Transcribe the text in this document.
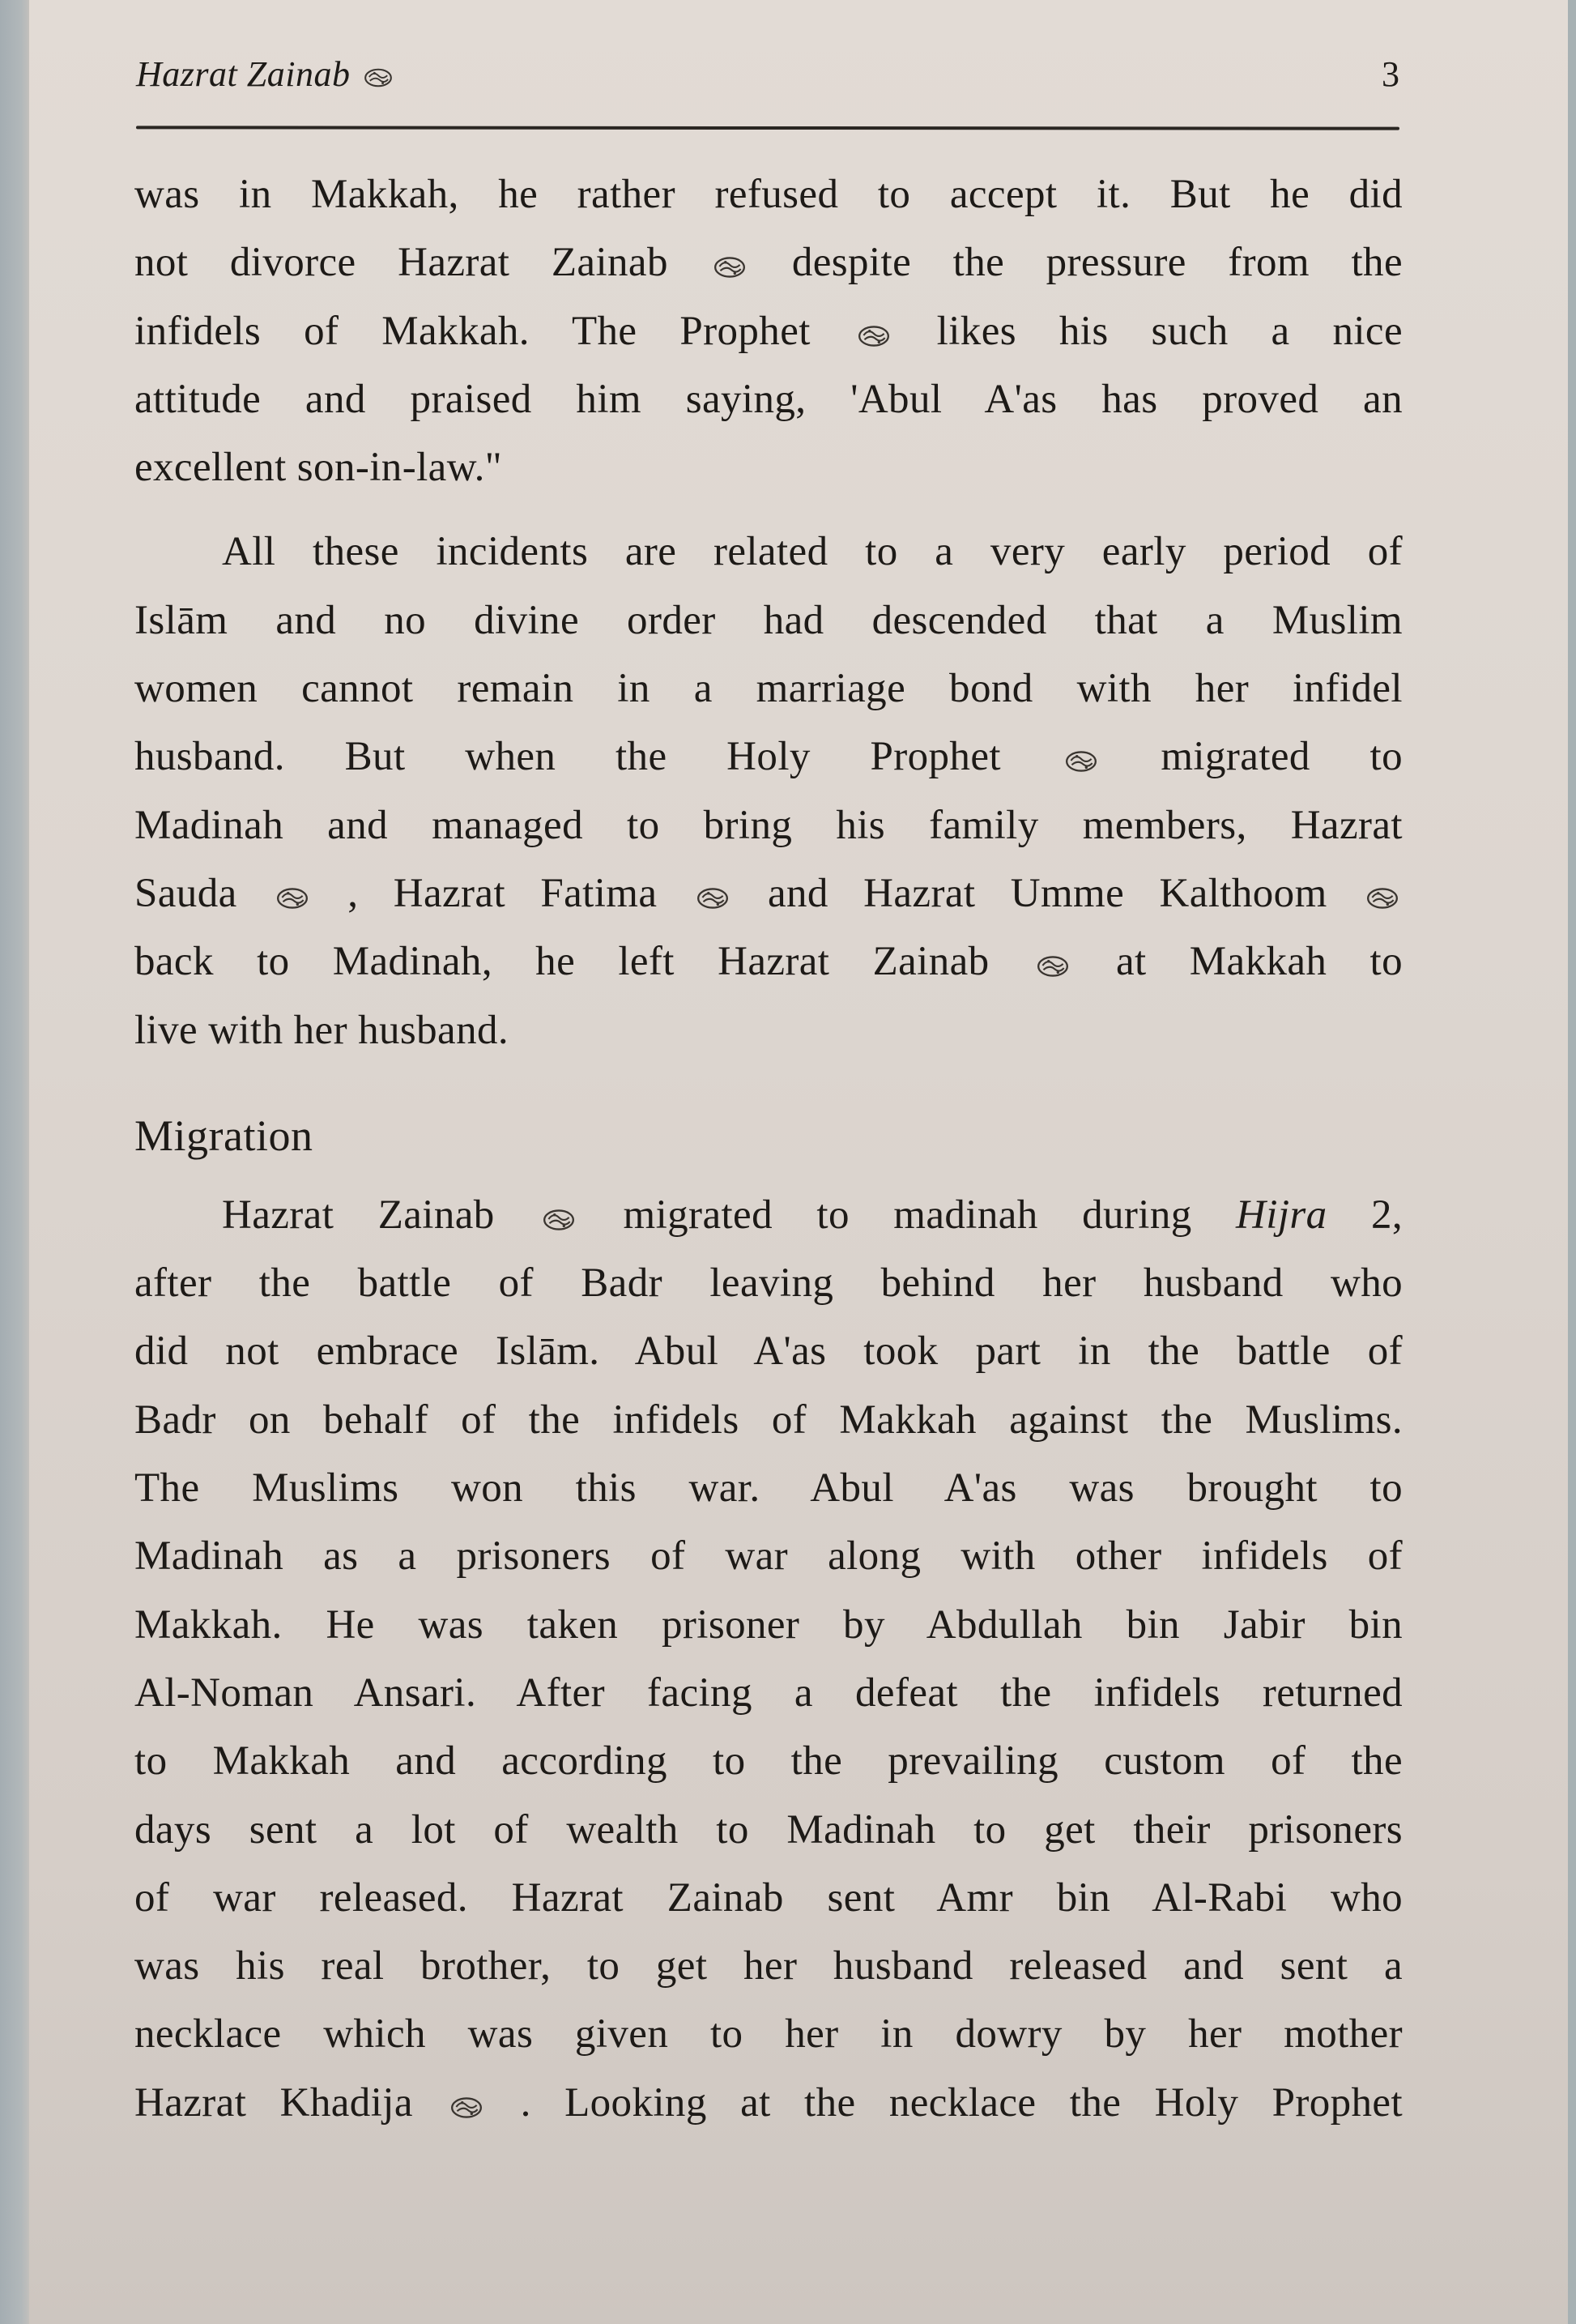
Hazrat Zainab	3
was in Makkah, he rather refused to accept it. But he did
not divorce Hazrat Zainab	despite the pressure from the
infidels of Makkah. The Prophet	likes his such a nice
attitude and praised him saying, 'Abul A'as has proved an
excellent son-in-law."
All these incidents are related to a very early period of
Islām and no divine order had descended that a Muslim
women cannot remain in a marriage bond with her infidel
husband. But when the Holy Prophet	migrated to
Madinah and managed to bring his family members, Hazrat
Sauda	, Hazrat Fatima	and Hazrat Umme Kalthoom
back to Madinah, he left Hazrat Zainab	at Makkah to
live with her husband.
Migration
Hazrat Zainab	migrated to madinah during Hijra 2,
after the battle of Badr leaving behind her husband who
did not embrace Islām. Abul A'as took part in the battle of
Badr on behalf of the infidels of Makkah against the Muslims.
The Muslims won this war. Abul A'as was brought to
Madinah as a prisoners of war along with other infidels of
Makkah. He was taken prisoner by Abdullah bin Jabir bin
Al-Noman Ansari. After facing a defeat the infidels returned
to Makkah and according to the prevailing custom of the
days sent a lot of wealth to Madinah to get their prisoners
of war released. Hazrat Zainab sent Amr bin Al-Rabi who
was his real brother, to get her husband released and sent a
necklace which was given to her in dowry by her mother
Hazrat Khadija	. Looking at the necklace the Holy Prophet
